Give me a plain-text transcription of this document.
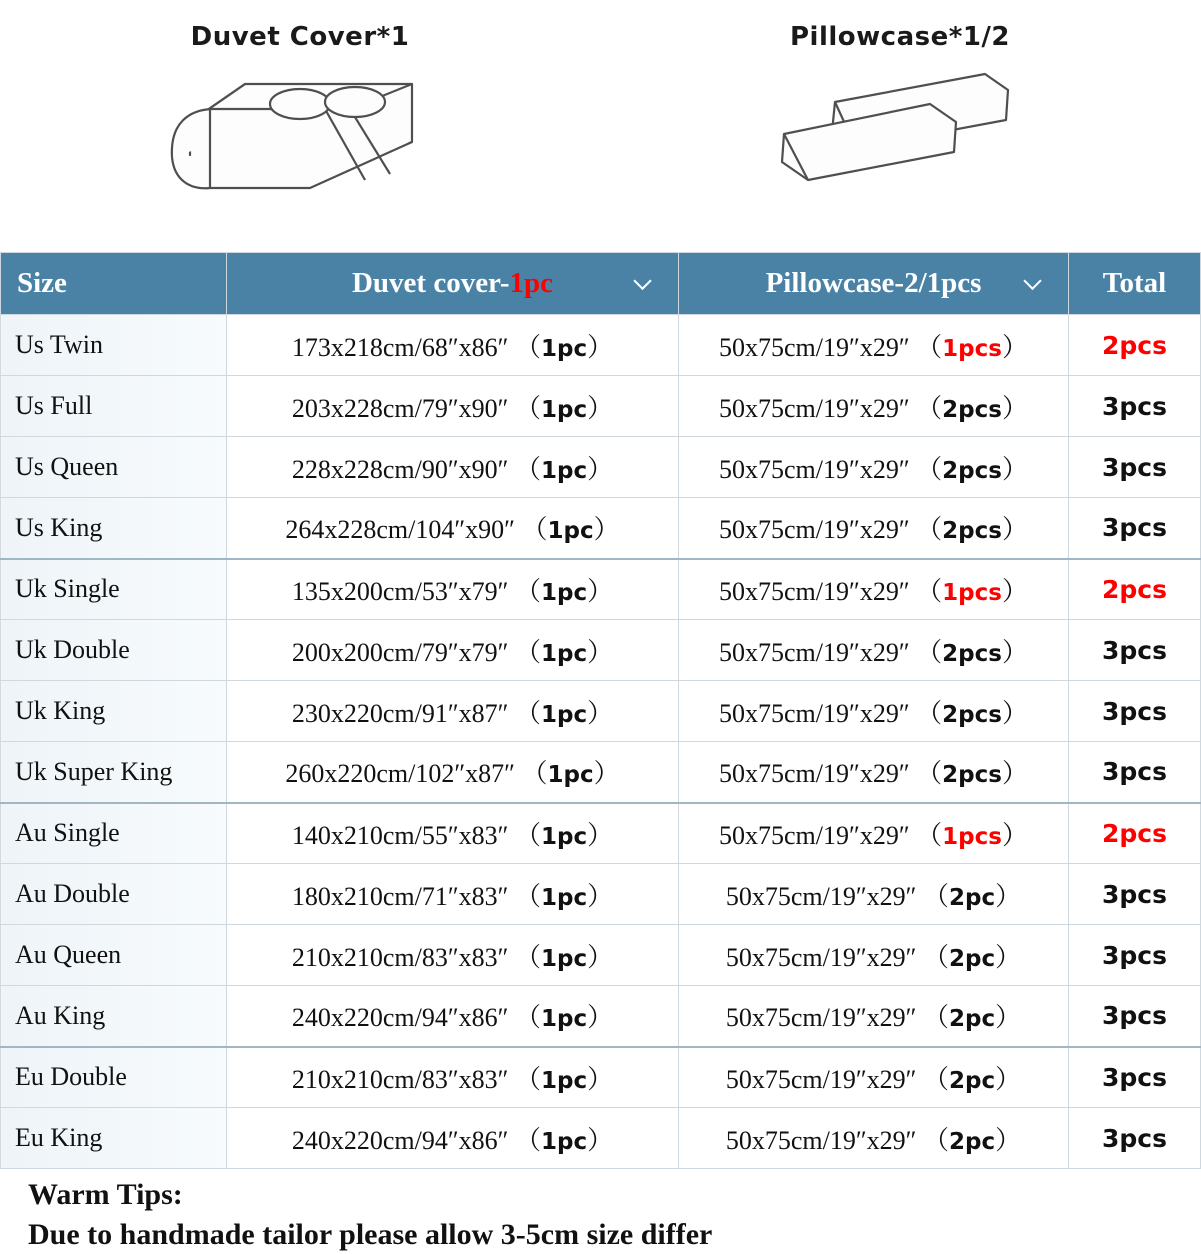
Duvet Cover*1	Pillowcase*1/2
Size	Duvet cover-1pc	Pillowcase-2/1pcs	Total
Us Twin	173x218cm/68″x86″ （1pc）	50x75cm/19″x29″ （1pcs）	2pcs
Us Full	203x228cm/79″x90″ （1pc）	50x75cm/19″x29″ （2pcs）	3pcs
Us Queen	228x228cm/90″x90″ （1pc）	50x75cm/19″x29″ （2pcs）	3pcs
Us King	264x228cm/104″x90″ （1pc）	50x75cm/19″x29″ （2pcs）	3pcs
Uk Single	135x200cm/53″x79″ （1pc）	50x75cm/19″x29″ （1pcs）	2pcs
Uk Double	200x200cm/79″x79″ （1pc）	50x75cm/19″x29″ （2pcs）	3pcs
Uk King	230x220cm/91″x87″ （1pc）	50x75cm/19″x29″ （2pcs）	3pcs
Uk Super King	260x220cm/102″x87″ （1pc）	50x75cm/19″x29″ （2pcs）	3pcs
Au Single	140x210cm/55″x83″ （1pc）	50x75cm/19″x29″ （1pcs）	2pcs
Au Double	180x210cm/71″x83″ （1pc）	50x75cm/19″x29″ （2pc）	3pcs
Au Queen	210x210cm/83″x83″ （1pc）	50x75cm/19″x29″ （2pc）	3pcs
Au King	240x220cm/94″x86″ （1pc）	50x75cm/19″x29″ （2pc）	3pcs
Eu Double	210x210cm/83″x83″ （1pc）	50x75cm/19″x29″ （2pc）	3pcs
Eu King	240x220cm/94″x86″ （1pc）	50x75cm/19″x29″ （2pc）	3pcs
Warm Tips:
Due to handmade tailor please allow 3-5cm size differ
